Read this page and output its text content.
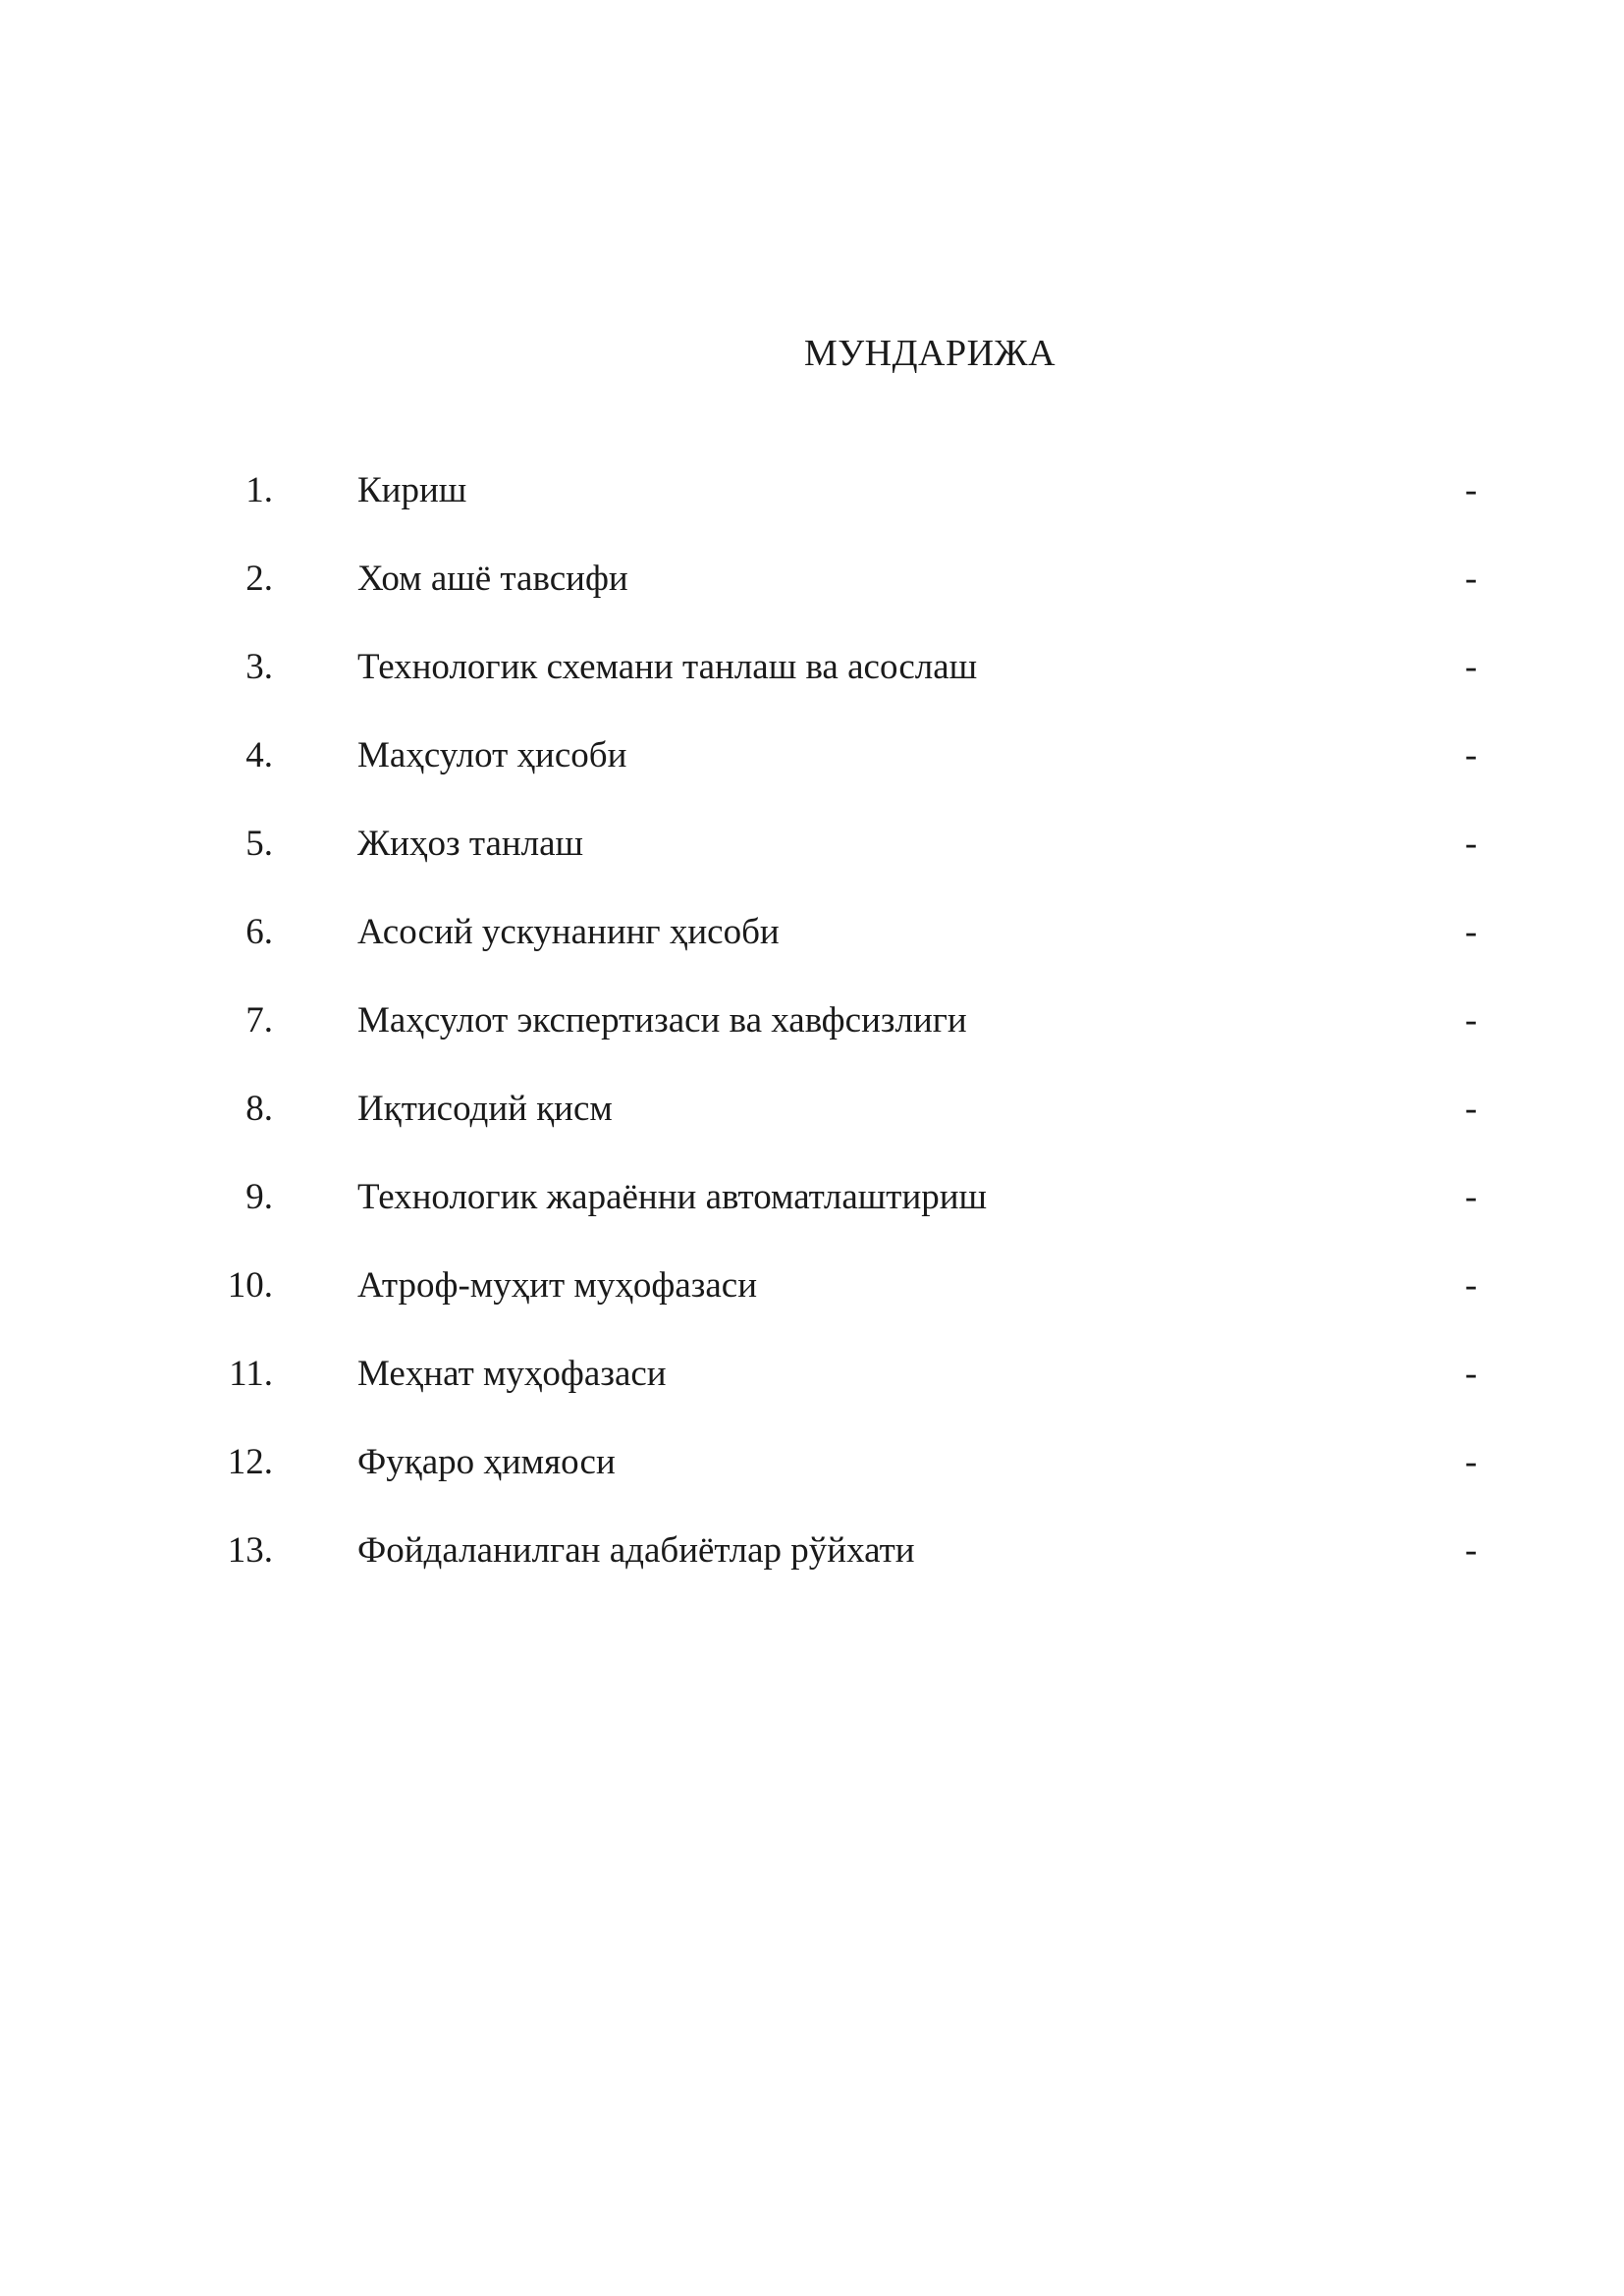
МУНДАРИЖА
1. Кириш	-
2. Хом ашё тавсифи	-
3. Технологик схемани танлаш ва асослаш	-
4. Маҳсулот ҳисоби	-
5. Жиҳоз танлаш	-
6. Асосий ускунанинг ҳисоби	-
7. Маҳсулот экспертизаси ва хавфсизлиги	-
8. Иқтисодий қисм	-
9. Технологик жараённи автоматлаштириш	-
10. Атроф-муҳит муҳофазаси	-
11. Меҳнат муҳофазаси	-
12. Фуқаро ҳимяоси	-
13. Фойдаланилган адабиётлар рўйхати	-
